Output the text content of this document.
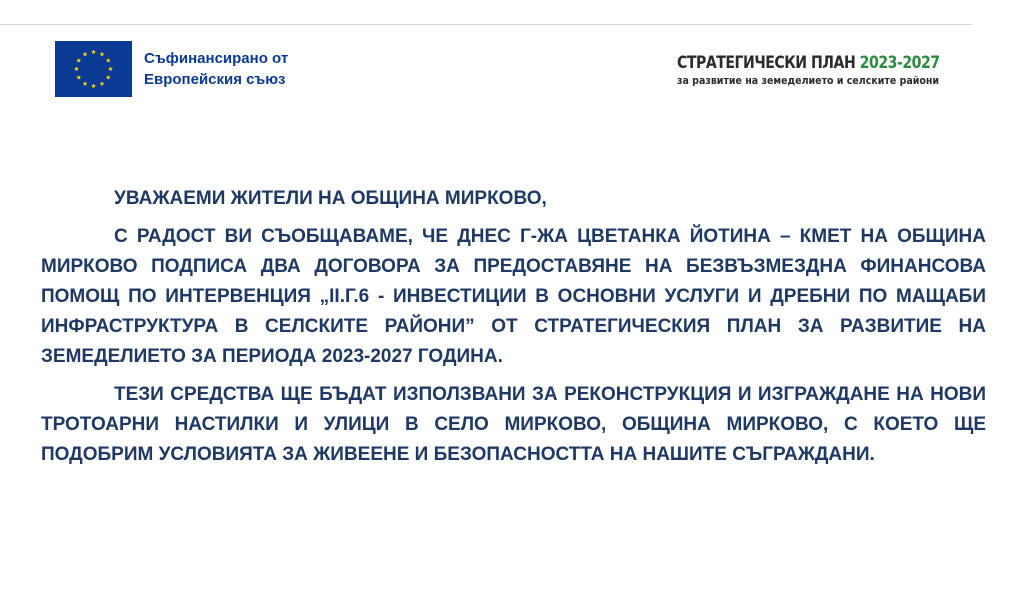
Съфинансирано от
Европейския съюз
СТРАТЕГИЧЕСКИ ПЛАН 2023-2027
за развитие на земеделието и селските райони

УВАЖАЕМИ ЖИТЕЛИ НА ОБЩИНА МИРКОВО,

С РАДОСТ ВИ СЪОБЩАВАМЕ, ЧЕ ДНЕС Г-ЖА ЦВЕТАНКА ЙОТИНА – КМЕТ НА ОБЩИНА МИРКОВО ПОДПИСА ДВА ДОГОВОРА ЗА ПРЕДОСТАВЯНЕ НА БЕЗВЪЗМЕЗДНА ФИНАНСОВА ПОМОЩ ПО ИНТЕРВЕНЦИЯ „II.Г.6 - ИНВЕСТИЦИИ В ОСНОВНИ УСЛУГИ И ДРЕБНИ ПО МАЩАБИ ИНФРАСТРУКТУРА В СЕЛСКИТЕ РАЙОНИ” ОТ СТРАТЕГИЧЕСКИЯ ПЛАН ЗА РАЗВИТИЕ НА ЗЕМЕДЕЛИЕТО ЗА ПЕРИОДА 2023-2027 ГОДИНА.

ТЕЗИ СРЕДСТВА ЩЕ БЪДАТ ИЗПОЛЗВАНИ ЗА РЕКОНСТРУКЦИЯ И ИЗГРАЖДАНЕ НА НОВИ ТРОТОАРНИ НАСТИЛКИ И УЛИЦИ В СЕЛО МИРКОВО, ОБЩИНА МИРКОВО, С КОЕТО ЩЕ ПОДОБРИМ УСЛОВИЯТА ЗА ЖИВЕЕНЕ И БЕЗОПАСНОСТТА НА НАШИТЕ СЪГРАЖДАНИ.
